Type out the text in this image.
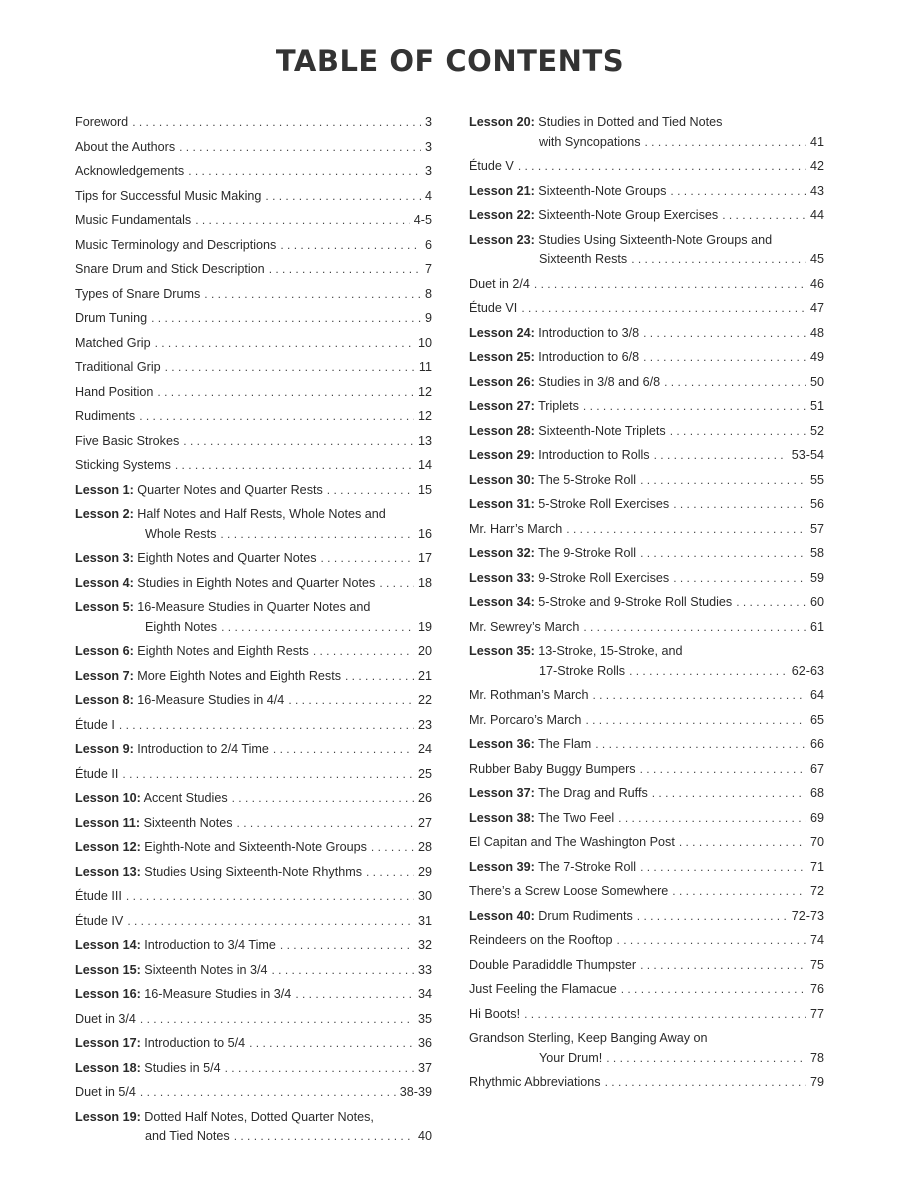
TABLE OF CONTENTS
Foreword . . .	3
About the Authors . . .	3
Acknowledgements . . .	3
Tips for Successful Music Making . . .	4
Music Fundamentals . . .	4-5
Music Terminology and Descriptions . . .	6
Snare Drum and Stick Description . . .	7
Types of Snare Drums . . .	8
Drum Tuning . . .	9
Matched Grip . . .	10
Traditional Grip . . .	11
Hand Position . . .	12
Rudiments . . .	12
Five Basic Strokes . . .	13
Sticking Systems . . .	14
Lesson 1: Quarter Notes and Quarter Rests . . .	15
Lesson 2: Half Notes and Half Rests, Whole Notes and
Whole Rests . . .	16
Lesson 3: Eighth Notes and Quarter Notes . . .	17
Lesson 4: Studies in Eighth Notes and Quarter Notes . . .	18
Lesson 5: 16-Measure Studies in Quarter Notes and
Eighth Notes . . .	19
Lesson 6: Eighth Notes and Eighth Rests . . .	20
Lesson 7: More Eighth Notes and Eighth Rests . . .	21
Lesson 8: 16-Measure Studies in 4/4 . . .	22
Étude I . . .	23
Lesson 9: Introduction to 2/4 Time . . .	24
Étude II . . .	25
Lesson 10: Accent Studies . . .	26
Lesson 11: Sixteenth Notes . . .	27
Lesson 12: Eighth-Note and Sixteenth-Note Groups . . .	28
Lesson 13: Studies Using Sixteenth-Note Rhythms . . .	29
Étude III . . .	30
Étude IV . . .	31
Lesson 14: Introduction to 3/4 Time . . .	32
Lesson 15: Sixteenth Notes in 3/4 . . .	33
Lesson 16: 16-Measure Studies in 3/4 . . .	34
Duet in 3/4 . . .	35
Lesson 17: Introduction to 5/4 . . .	36
Lesson 18: Studies in 5/4 . . .	37
Duet in 5/4 . . .	38-39
Lesson 19: Dotted Half Notes, Dotted Quarter Notes,
and Tied Notes . . .	40
Lesson 20: Studies in Dotted and Tied Notes
with Syncopations . . .	41
Étude V . . .	42
Lesson 21: Sixteenth-Note Groups . . .	43
Lesson 22: Sixteenth-Note Group Exercises . . .	44
Lesson 23: Studies Using Sixteenth-Note Groups and
Sixteenth Rests . . .	45
Duet in 2/4 . . .	46
Étude VI . . .	47
Lesson 24: Introduction to 3/8 . . .	48
Lesson 25: Introduction to 6/8 . . .	49
Lesson 26: Studies in 3/8 and 6/8 . . .	50
Lesson 27: Triplets . . .	51
Lesson 28: Sixteenth-Note Triplets . . .	52
Lesson 29: Introduction to Rolls . . .	53-54
Lesson 30: The 5-Stroke Roll . . .	55
Lesson 31: 5-Stroke Roll Exercises . . .	56
Mr. Harr’s March . . .	57
Lesson 32: The 9-Stroke Roll . . .	58
Lesson 33: 9-Stroke Roll Exercises . . .	59
Lesson 34: 5-Stroke and 9-Stroke Roll Studies . . .	60
Mr. Sewrey’s March . . .	61
Lesson 35: 13-Stroke, 15-Stroke, and
17-Stroke Rolls . . .	62-63
Mr. Rothman’s March . . .	64
Mr. Porcaro’s March . . .	65
Lesson 36: The Flam . . .	66
Rubber Baby Buggy Bumpers . . .	67
Lesson 37: The Drag and Ruffs . . .	68
Lesson 38: The Two Feel . . .	69
El Capitan and The Washington Post . . .	70
Lesson 39: The 7-Stroke Roll . . .	71
There’s a Screw Loose Somewhere . . .	72
Lesson 40: Drum Rudiments . . .	72-73
Reindeers on the Rooftop . . .	74
Double Paradiddle Thumpster . . .	75
Just Feeling the Flamacue . . .	76
Hi Boots! . . .	77
Grandson Sterling, Keep Banging Away on
Your Drum! . . .	78
Rhythmic Abbreviations . . .	79
